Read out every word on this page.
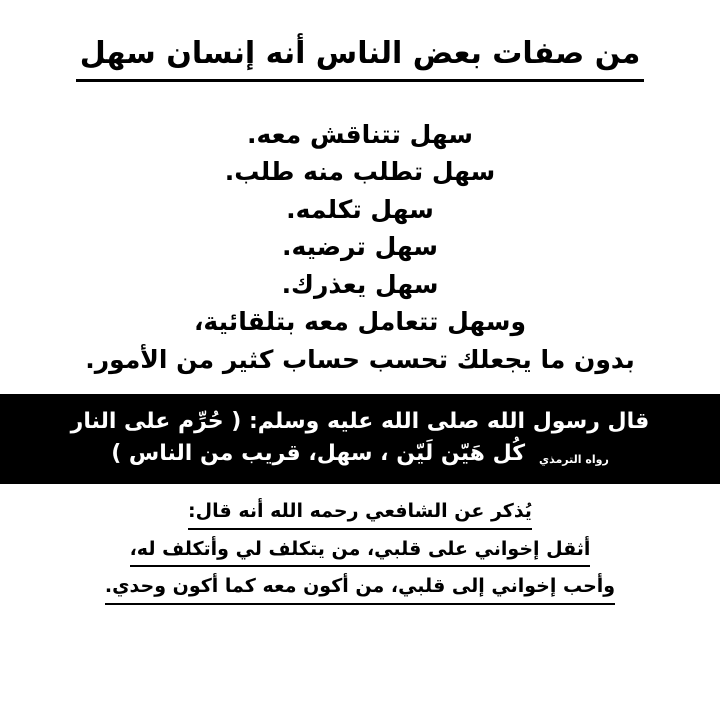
من صفات بعض الناس أنه إنسان سهل
سهل تتناقش معه.
سهل تطلب منه طلب.
سهل تكلمه.
سهل ترضيه.
سهل يعذرك.
وسهل تتعامل معه بتلقائية،
بدون ما يجعلك تحسب حساب كثير من الأمور.
قال رسول الله صلى الله عليه وسلم: ( حُرِّم على النار
رواه الترمذي
كُل هَيّن لَيّن ، سهل، قريب من الناس )
يُذكر عن الشافعي رحمه الله أنه قال:
أثقل إخواني على قلبي، من يتكلف لي وأتكلف له،
وأحب إخواني إلى قلبي، من أكون معه كما أكون وحدي.
